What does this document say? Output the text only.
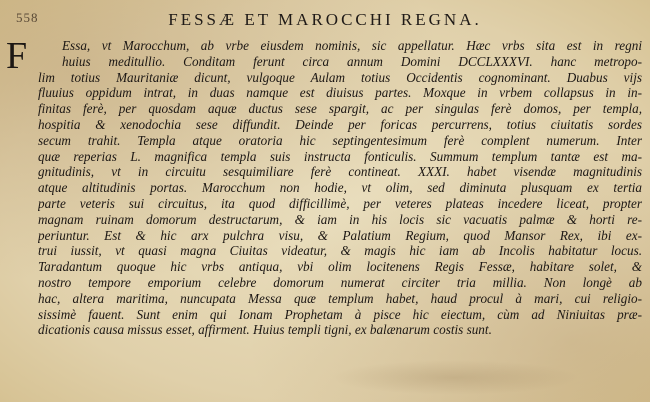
558	FESSÆ ET MAROCCHI REGNA.
F	Essa, vt Marocchum, ab vrbe eiusdem nominis, sic appellatur. Hæc vrbs sita est in regni
huius meditullio. Conditam ferunt circa annum Domini DCCLXXXVI. hanc metropo-
lim totius Mauritaniæ dicunt, vulgoque Aulam totius Occidentis cognominant. Duabus vijs
fluuius oppidum intrat, in duas namque est diuisus partes. Moxque in vrbem collapsus in in-
finitas ferè, per quosdam aquæ ductus sese spargit, ac per singulas ferè domos, per templa,
hospitia & xenodochia sese diffundit. Deinde per foricas percurrens, totius ciuitatis sordes
secum trahit. Templa atque oratoria hic septingentesimum ferè complent numerum. Inter
quæ reperias L. magnifica templa suis instructa fonticulis. Summum templum tantæ est ma-
gnitudinis, vt in circuitu sesquimiliare ferè contineat. XXXI. habet visendæ magnitudinis
atque altitudinis portas. Marocchum non hodie, vt olim, sed diminuta plusquam ex tertia
parte veteris sui circuitus, ita quod difficillimè, per veteres plateas incedere liceat, propter
magnam ruinam domorum destructarum, & iam in his locis sic vacuatis palmæ & horti re-
periuntur. Est & hic arx pulchra visu, & Palatium Regium, quod Mansor Rex, ibi ex-
trui iussit, vt quasi magna Ciuitas videatur, & magis hic iam ab Incolis habitatur locus.
Taradantum quoque hic vrbs antiqua, vbi olim locitenens Regis Fessæ, habitare solet, &
nostro tempore emporium celebre domorum numerat circiter tria millia. Non longè ab
hac, altera maritima, nuncupata Messa quæ templum habet, haud procul à mari, cui religio-
sissimè fauent. Sunt enim qui Ionam Prophetam à pisce hic eiectum, cùm ad Niniuitas præ-
dicationis causa missus esset, affirment. Huius templi tigni, ex balænarum costis sunt.
